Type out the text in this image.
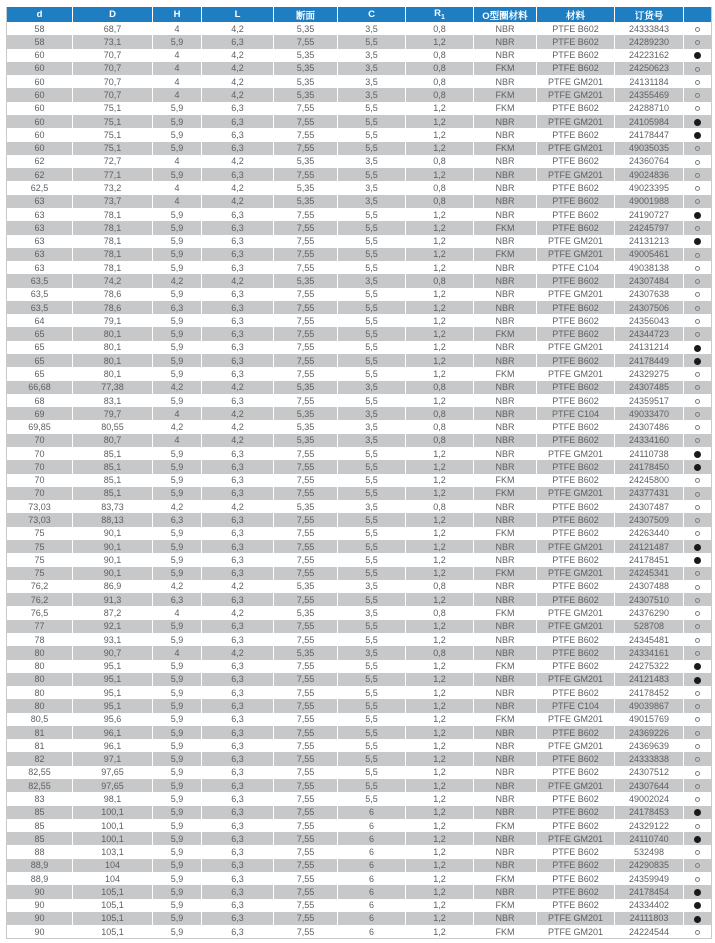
d	D	H	L	断面	C	$R_1$	O型圈材料	材料	订货号	
58	68,7	4	4,2	5,35	3,5	0,8	NBR	PTFE B602	24333843	
58	73,1	5,9	6,3	7,55	5,5	1,2	NBR	PTFE B602	24289230	
60	70,7	4	4,2	5,35	3,5	0,8	NBR	PTFE B602	24223162	
60	70,7	4	4,2	5,35	3,5	0,8	FKM	PTFE B602	24250623	
60	70,7	4	4,2	5,35	3,5	0,8	NBR	PTFE GM201	24131184	
60	70,7	4	4,2	5,35	3,5	0,8	FKM	PTFE GM201	24355469	
60	75,1	5,9	6,3	7,55	5,5	1,2	FKM	PTFE B602	24288710	
60	75,1	5,9	6,3	7,55	5,5	1,2	NBR	PTFE GM201	24105984	
60	75,1	5,9	6,3	7,55	5,5	1,2	NBR	PTFE B602	24178447	
60	75,1	5,9	6,3	7,55	5,5	1,2	FKM	PTFE GM201	49035035	
62	72,7	4	4,2	5,35	3,5	0,8	NBR	PTFE B602	24360764	
62	77,1	5,9	6,3	7,55	5,5	1,2	NBR	PTFE GM201	49024836	
62,5	73,2	4	4,2	5,35	3,5	0,8	NBR	PTFE B602	49023395	
63	73,7	4	4,2	5,35	3,5	0,8	NBR	PTFE B602	49001988	
63	78,1	5,9	6,3	7,55	5,5	1,2	NBR	PTFE B602	24190727	
63	78,1	5,9	6,3	7,55	5,5	1,2	FKM	PTFE B602	24245797	
63	78,1	5,9	6,3	7,55	5,5	1,2	NBR	PTFE GM201	24131213	
63	78,1	5,9	6,3	7,55	5,5	1,2	FKM	PTFE GM201	49005461	
63	78,1	5,9	6,3	7,55	5,5	1,2	NBR	PTFE C104	49038138	
63,5	74,2	4,2	4,2	5,35	3,5	0,8	NBR	PTFE B602	24307484	
63,5	78,6	5,9	6,3	7,55	5,5	1,2	NBR	PTFE GM201	24307638	
63,5	78,6	6,3	6,3	7,55	5,5	1,2	NBR	PTFE B602	24307506	
64	79,1	5,9	6,3	7,55	5,5	1,2	NBR	PTFE B602	24356043	
65	80,1	5,9	6,3	7,55	5,5	1,2	FKM	PTFE B602	24344723	
65	80,1	5,9	6,3	7,55	5,5	1,2	NBR	PTFE GM201	24131214	
65	80,1	5,9	6,3	7,55	5,5	1,2	NBR	PTFE B602	24178449	
65	80,1	5,9	6,3	7,55	5,5	1,2	FKM	PTFE GM201	24329275	
66,68	77,38	4,2	4,2	5,35	3,5	0,8	NBR	PTFE B602	24307485	
68	83,1	5,9	6,3	7,55	5,5	1,2	NBR	PTFE B602	24359517	
69	79,7	4	4,2	5,35	3,5	0,8	NBR	PTFE C104	49033470	
69,85	80,55	4,2	4,2	5,35	3,5	0,8	NBR	PTFE B602	24307486	
70	80,7	4	4,2	5,35	3,5	0,8	NBR	PTFE B602	24334160	
70	85,1	5,9	6,3	7,55	5,5	1,2	NBR	PTFE GM201	24110738	
70	85,1	5,9	6,3	7,55	5,5	1,2	NBR	PTFE B602	24178450	
70	85,1	5,9	6,3	7,55	5,5	1,2	FKM	PTFE B602	24245800	
70	85,1	5,9	6,3	7,55	5,5	1,2	FKM	PTFE GM201	24377431	
73,03	83,73	4,2	4,2	5,35	3,5	0,8	NBR	PTFE B602	24307487	
73,03	88,13	6,3	6,3	7,55	5,5	1,2	NBR	PTFE B602	24307509	
75	90,1	5,9	6,3	7,55	5,5	1,2	FKM	PTFE B602	24263440	
75	90,1	5,9	6,3	7,55	5,5	1,2	NBR	PTFE GM201	24121487	
75	90,1	5,9	6,3	7,55	5,5	1,2	NBR	PTFE B602	24178451	
75	90,1	5,9	6,3	7,55	5,5	1,2	FKM	PTFE GM201	24245341	
76,2	86,9	4,2	4,2	5,35	3,5	0,8	NBR	PTFE B602	24307488	
76,2	91,3	6,3	6,3	7,55	5,5	1,2	NBR	PTFE B602	24307510	
76,5	87,2	4	4,2	5,35	3,5	0,8	FKM	PTFE GM201	24376290	
77	92,1	5,9	6,3	7,55	5,5	1,2	NBR	PTFE GM201	528708	
78	93,1	5,9	6,3	7,55	5,5	1,2	NBR	PTFE B602	24345481	
80	90,7	4	4,2	5,35	3,5	0,8	NBR	PTFE B602	24334161	
80	95,1	5,9	6,3	7,55	5,5	1,2	FKM	PTFE B602	24275322	
80	95,1	5,9	6,3	7,55	5,5	1,2	NBR	PTFE GM201	24121483	
80	95,1	5,9	6,3	7,55	5,5	1,2	NBR	PTFE B602	24178452	
80	95,1	5,9	6,3	7,55	5,5	1,2	NBR	PTFE C104	49039867	
80,5	95,6	5,9	6,3	7,55	5,5	1,2	FKM	PTFE GM201	49015769	
81	96,1	5,9	6,3	7,55	5,5	1,2	NBR	PTFE B602	24369226	
81	96,1	5,9	6,3	7,55	5,5	1,2	NBR	PTFE GM201	24369639	
82	97,1	5,9	6,3	7,55	5,5	1,2	NBR	PTFE B602	24333838	
82,55	97,65	5,9	6,3	7,55	5,5	1,2	NBR	PTFE B602	24307512	
82,55	97,65	5,9	6,3	7,55	5,5	1,2	NBR	PTFE GM201	24307644	
83	98,1	5,9	6,3	7,55	5,5	1,2	NBR	PTFE B602	49002024	
85	100,1	5,9	6,3	7,55	6	1,2	NBR	PTFE B602	24178453	
85	100,1	5,9	6,3	7,55	6	1,2	FKM	PTFE B602	24329122	
85	100,1	5,9	6,3	7,55	6	1,2	NBR	PTFE GM201	24110740	
88	103,1	5,9	6,3	7,55	6	1,2	NBR	PTFE B602	532498	
88,9	104	5,9	6,3	7,55	6	1,2	NBR	PTFE B602	24290835	
88,9	104	5,9	6,3	7,55	6	1,2	FKM	PTFE B602	24359949	
90	105,1	5,9	6,3	7,55	6	1,2	NBR	PTFE B602	24178454	
90	105,1	5,9	6,3	7,55	6	1,2	FKM	PTFE B602	24334402	
90	105,1	5,9	6,3	7,55	6	1,2	NBR	PTFE GM201	24111803	
90	105,1	5,9	6,3	7,55	6	1,2	FKM	PTFE GM201	24224544	
